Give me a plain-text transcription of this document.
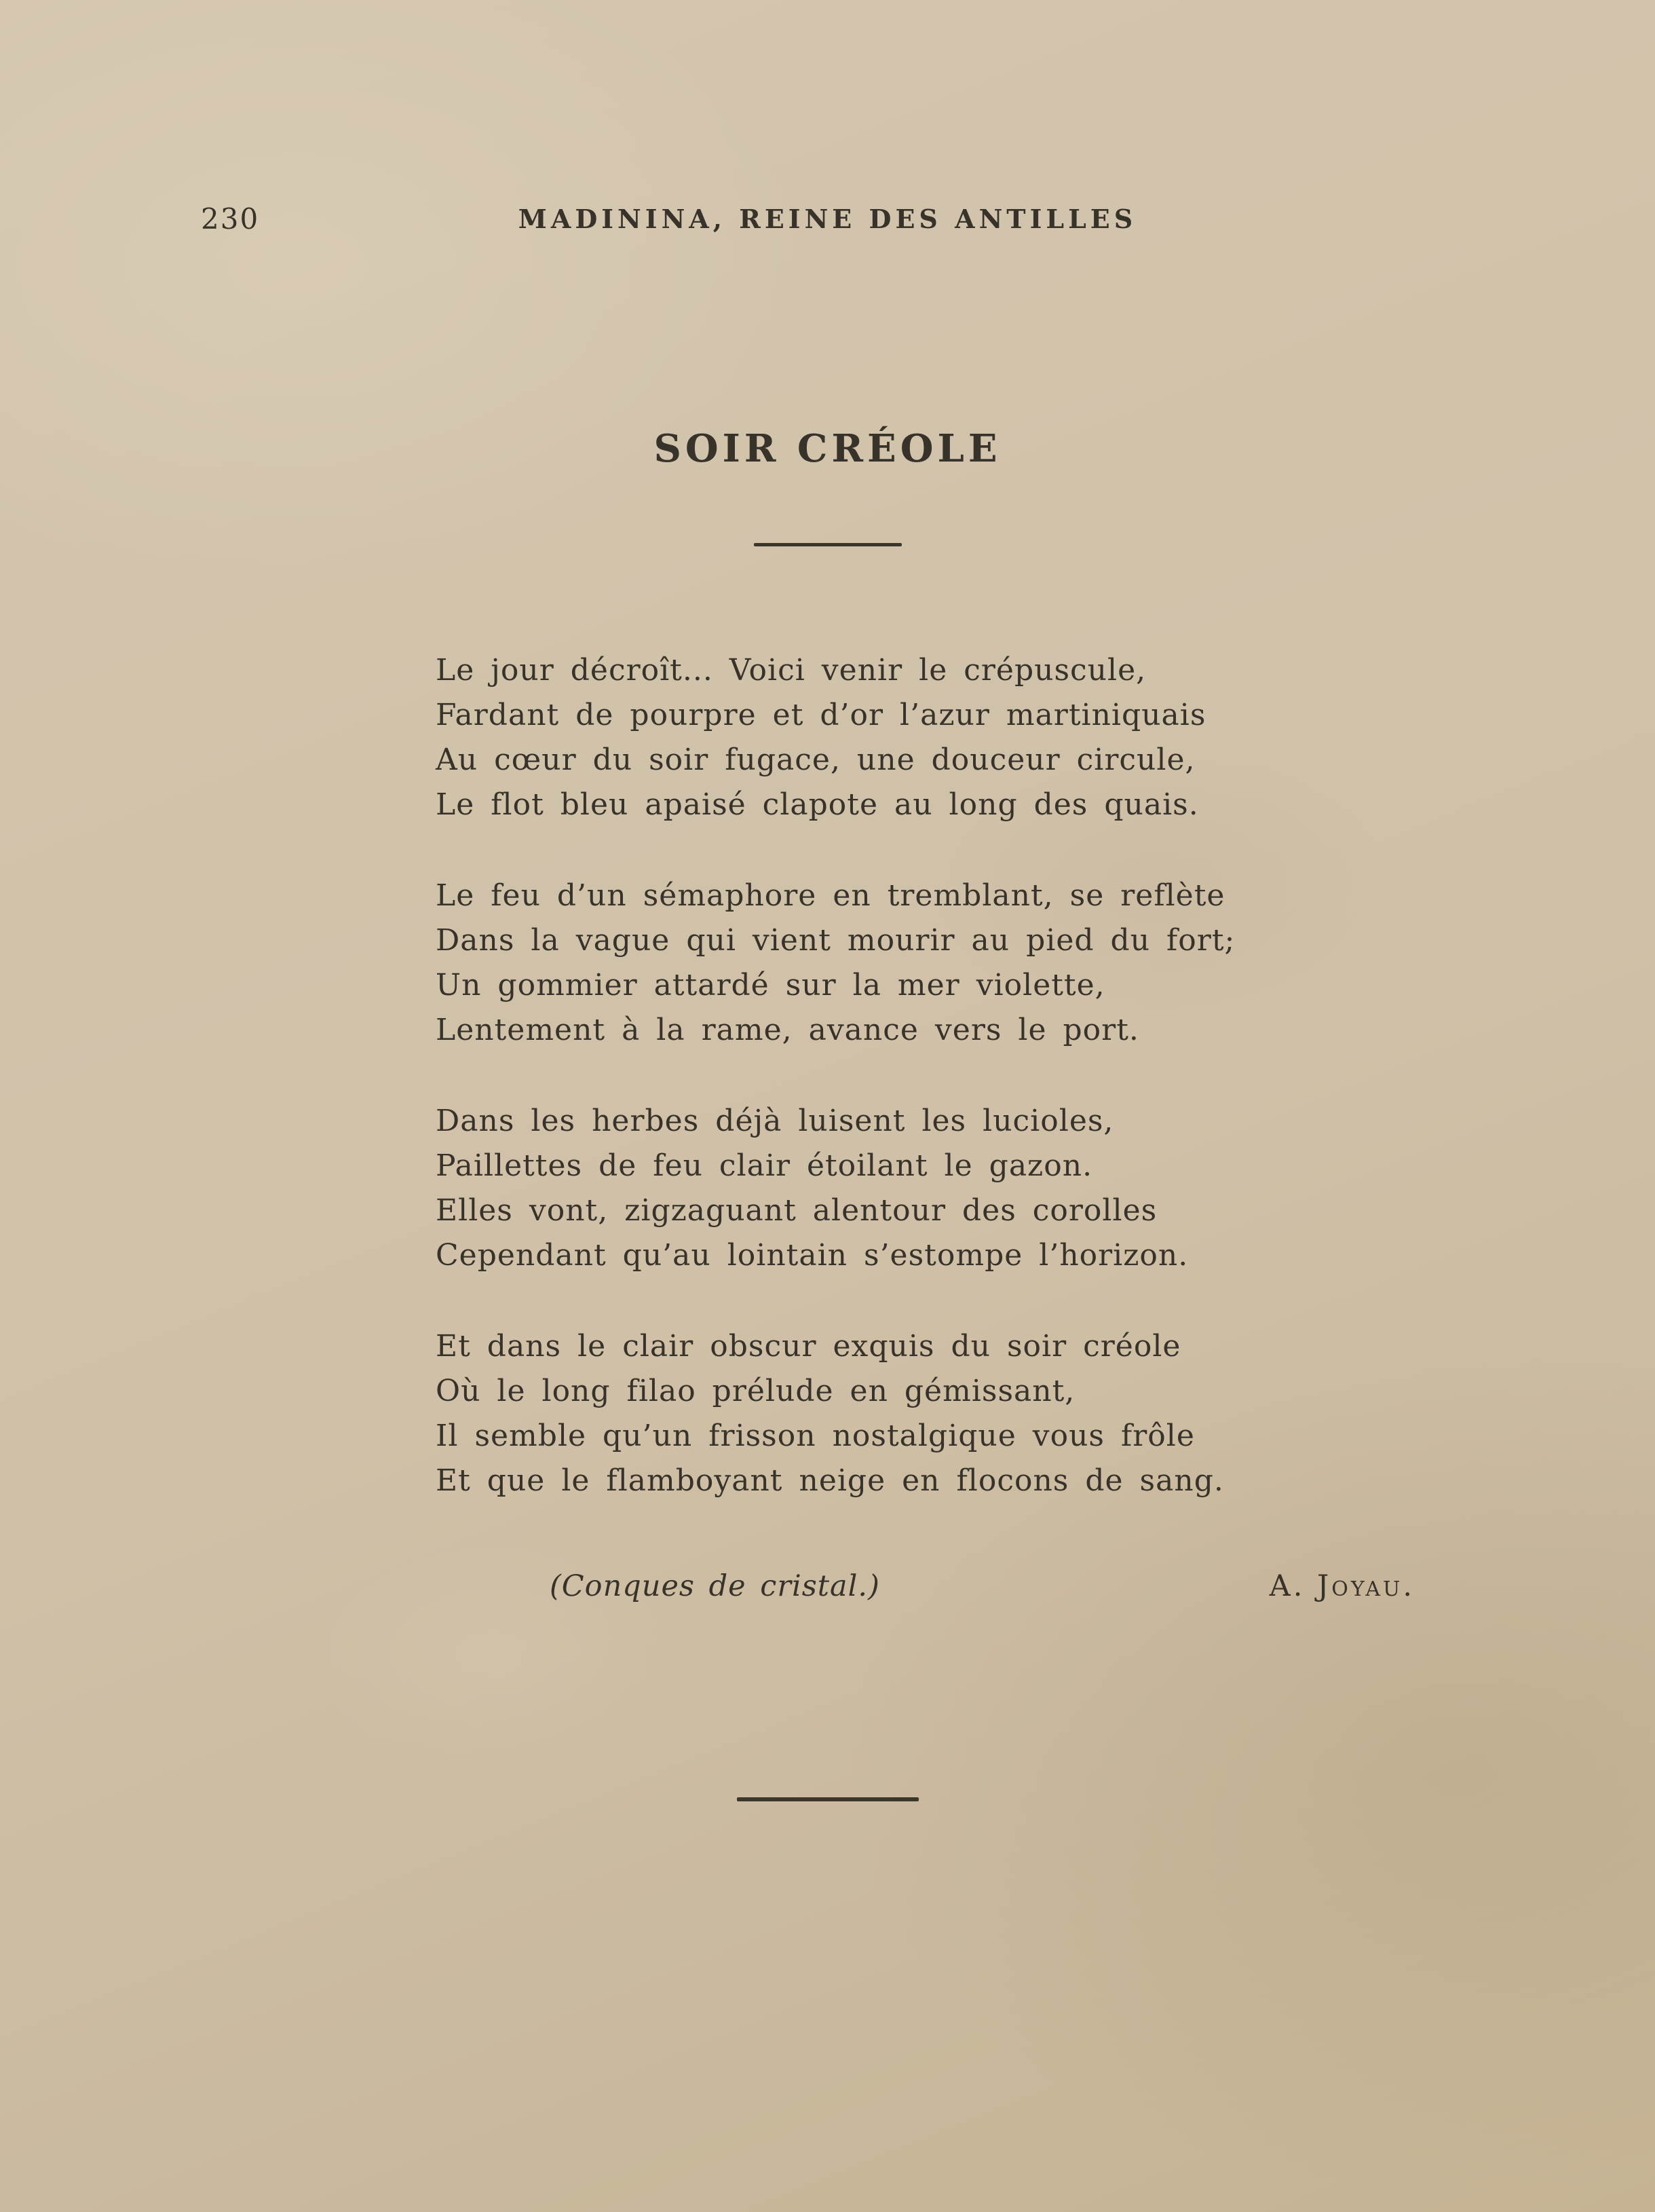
230	MADININA, REINE DES ANTILLES
SOIR CRÉOLE
Le jour décroît... Voici venir le crépuscule,
Fardant de pourpre et d’or l’azur martiniquais
Au cœur du soir fugace, une douceur circule,
Le flot bleu apaisé clapote au long des quais.
Le feu d’un sémaphore en tremblant, se reflète
Dans la vague qui vient mourir au pied du fort;
Un gommier attardé sur la mer violette,
Lentement à la rame, avance vers le port.
Dans les herbes déjà luisent les lucioles,
Paillettes de feu clair étoilant le gazon.
Elles vont, zigzaguant alentour des corolles
Cependant qu’au lointain s’estompe l’horizon.
Et dans le clair obscur exquis du soir créole
Où le long filao prélude en gémissant,
Il semble qu’un frisson nostalgique vous frôle
Et que le flamboyant neige en flocons de sang.
(Conques de cristal.)	A. Joyau.
